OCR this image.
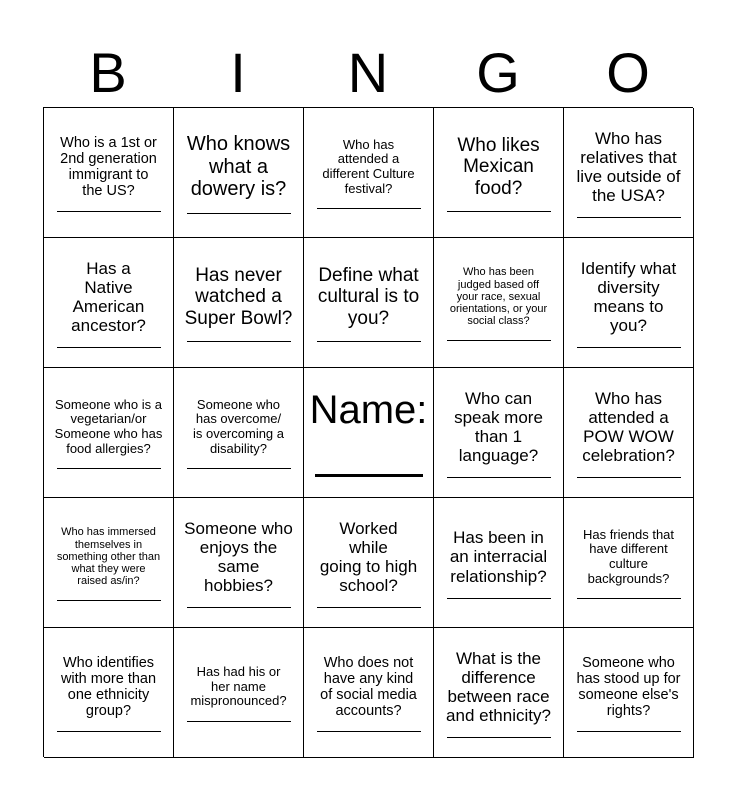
B	I	N	G	O
Who is a 1st or
2nd generation
immigrant to
the US?
Who knows
what a
dowery is?
Who has
attended a
different Culture
festival?
Who likes
Mexican
food?
Who has
relatives that
live outside of
the USA?
Has a
Native
American
ancestor?
Has never
watched a
Super Bowl?
Define what
cultural is to
you?
Who has been
judged based off
your race, sexual
orientations, or your
social class?
Identify what
diversity
means to
you?
Someone who is a
vegetarian/or
Someone who has
food allergies?
Someone who
has overcome/
is overcoming a
disability?
Name:	Who can
speak more
than 1
language?
Who has
attended a
POW WOW
celebration?
Who has immersed
themselves in
something other than
what they were
raised as/in?
Someone who
enjoys the
same
hobbies?
Worked
while
going to high
school?
Has been in
an interracial
relationship?
Has friends that
have different
culture
backgrounds?
Who identifies
with more than
one ethnicity
group?
Has had his or
her name
mispronounced?
Who does not
have any kind
of social media
accounts?
What is the
difference
between race
and ethnicity?
Someone who
has stood up for
someone else's
rights?
